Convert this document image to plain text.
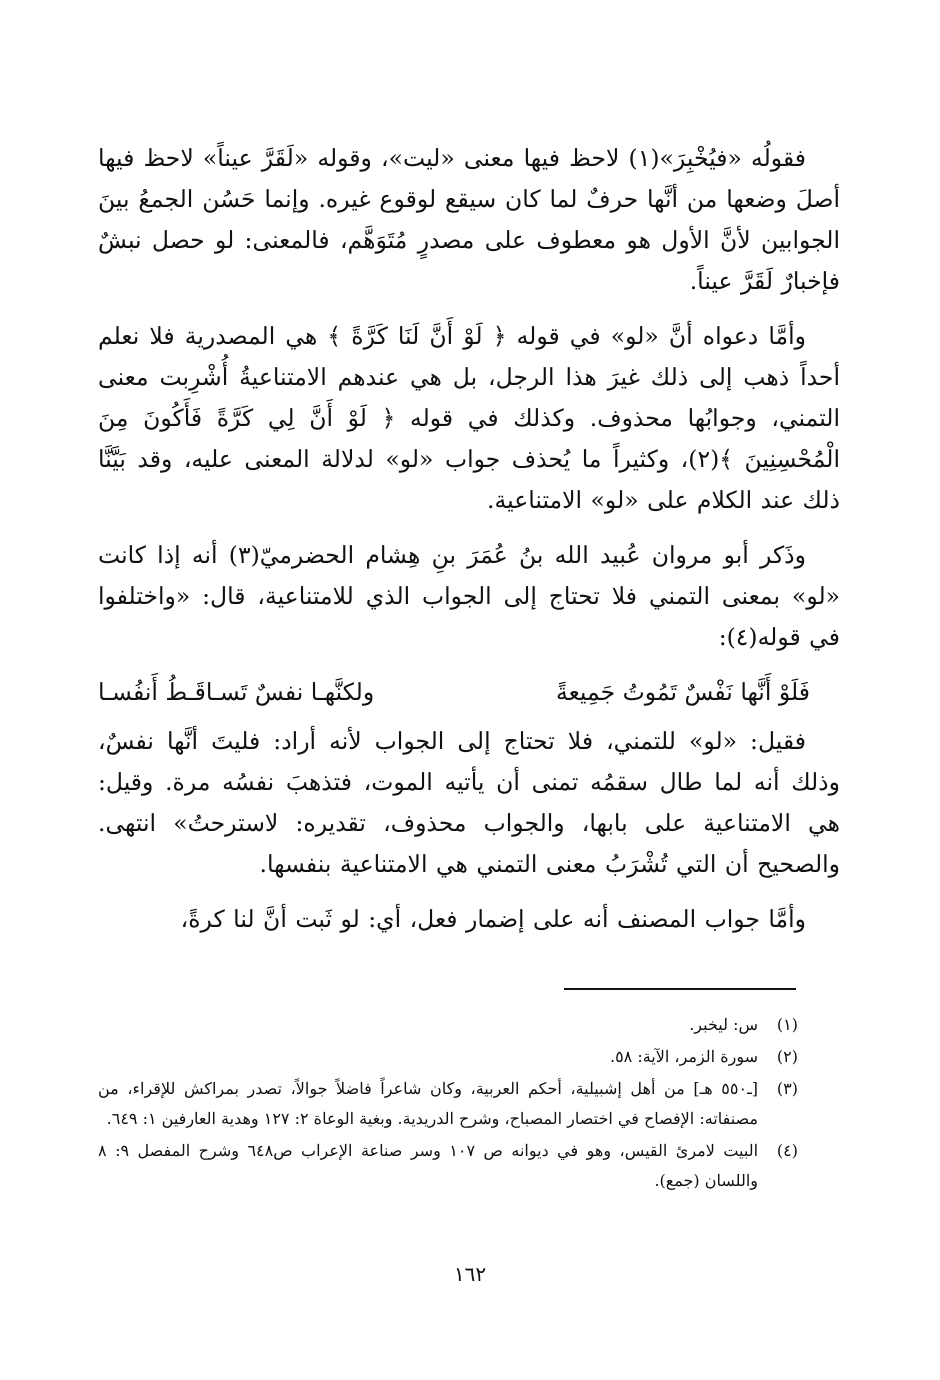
فقولُه «فيُخْبِرَ»(١) لاحظ فيها معنى «ليت»، وقوله «لَقَرَّ عيناً» لاحظ فيها أصلَ وضعها من أنَّها حرفٌ لما كان سيقع لوقوع غيره. وإنما حَسُن الجمعُ بينَ الجوابين لأنَّ الأول هو معطوف على مصدرٍ مُتَوَهَّم، فالمعنى: لو حصل نبشٌ فإخبارٌ لَقَرَّ عيناً.

وأمَّا دعواه أنَّ «لو» في قوله ﴿ لَوْ أَنَّ لَنَا كَرَّةً ﴾ هي المصدرية فلا نعلم أحداً ذهب إلى ذلك غيرَ هذا الرجل، بل هي عندهم الامتناعيةُ أُشْرِبت معنى التمني، وجوابُها محذوف. وكذلك في قوله ﴿ لَوْ أَنَّ لِي كَرَّةً فَأَكُونَ مِنَ الْمُحْسِنِينَ ﴾(٢)، وكثيراً ما يُحذف جواب «لو» لدلالة المعنى عليه، وقد بَيَّنَّا ذلك عند الكلام على «لو» الامتناعية.

وذَكر أبو مروان عُبيد الله بنُ عُمَرَ بنِ هِشام الحضرميّ(٣) أنه إذا كانت «لو» بمعنى التمني فلا تحتاج إلى الجواب الذي للامتناعية، قال: «واختلفوا في قوله(٤):

فَلَوْ أَنَّها نَفْسٌ تَمُوتُ جَمِيعةً
ولكنَّهـا نفسٌ تَسـاقَـطُ أَنفُسـا

فقيل: «لو» للتمني، فلا تحتاج إلى الجواب لأنه أراد: فليتَ أنَّها نفسٌ، وذلك أنه لما طال سقمُه تمنى أن يأتيه الموت، فتذهبَ نفسُه مرة. وقيل: هي الامتناعية على بابها، والجواب محذوف، تقديره: لاسترحتُ» انتهى. والصحيح أن التي تُشْرَبُ معنى التمني هي الامتناعية بنفسها.

وأمَّا جواب المصنف أنه على إضمار فعل، أي: لو ثَبت أنَّ لنا كرةً،

(١)
س: ليخبر.
(٢)
سورة الزمر، الآية: ٥٨.
(٣)
[ـ٥٥٠ هـ] من أهل إشبيلية، أحكم العربية، وكان شاعراً فاضلاً جوالاً، تصدر بمراكش للإقراء، من مصنفاته: الإفصاح في اختصار المصباح، وشرح الدريدية. وبغية الوعاة ٢: ١٢٧ وهدية العارفين ١: ٦٤٩.
(٤)
البيت لامرئ القيس، وهو في ديوانه ص ١٠٧ وسر صناعة الإعراب ص٦٤٨ وشرح المفصل ٩: ٨ واللسان (جمع).
١٦٢
